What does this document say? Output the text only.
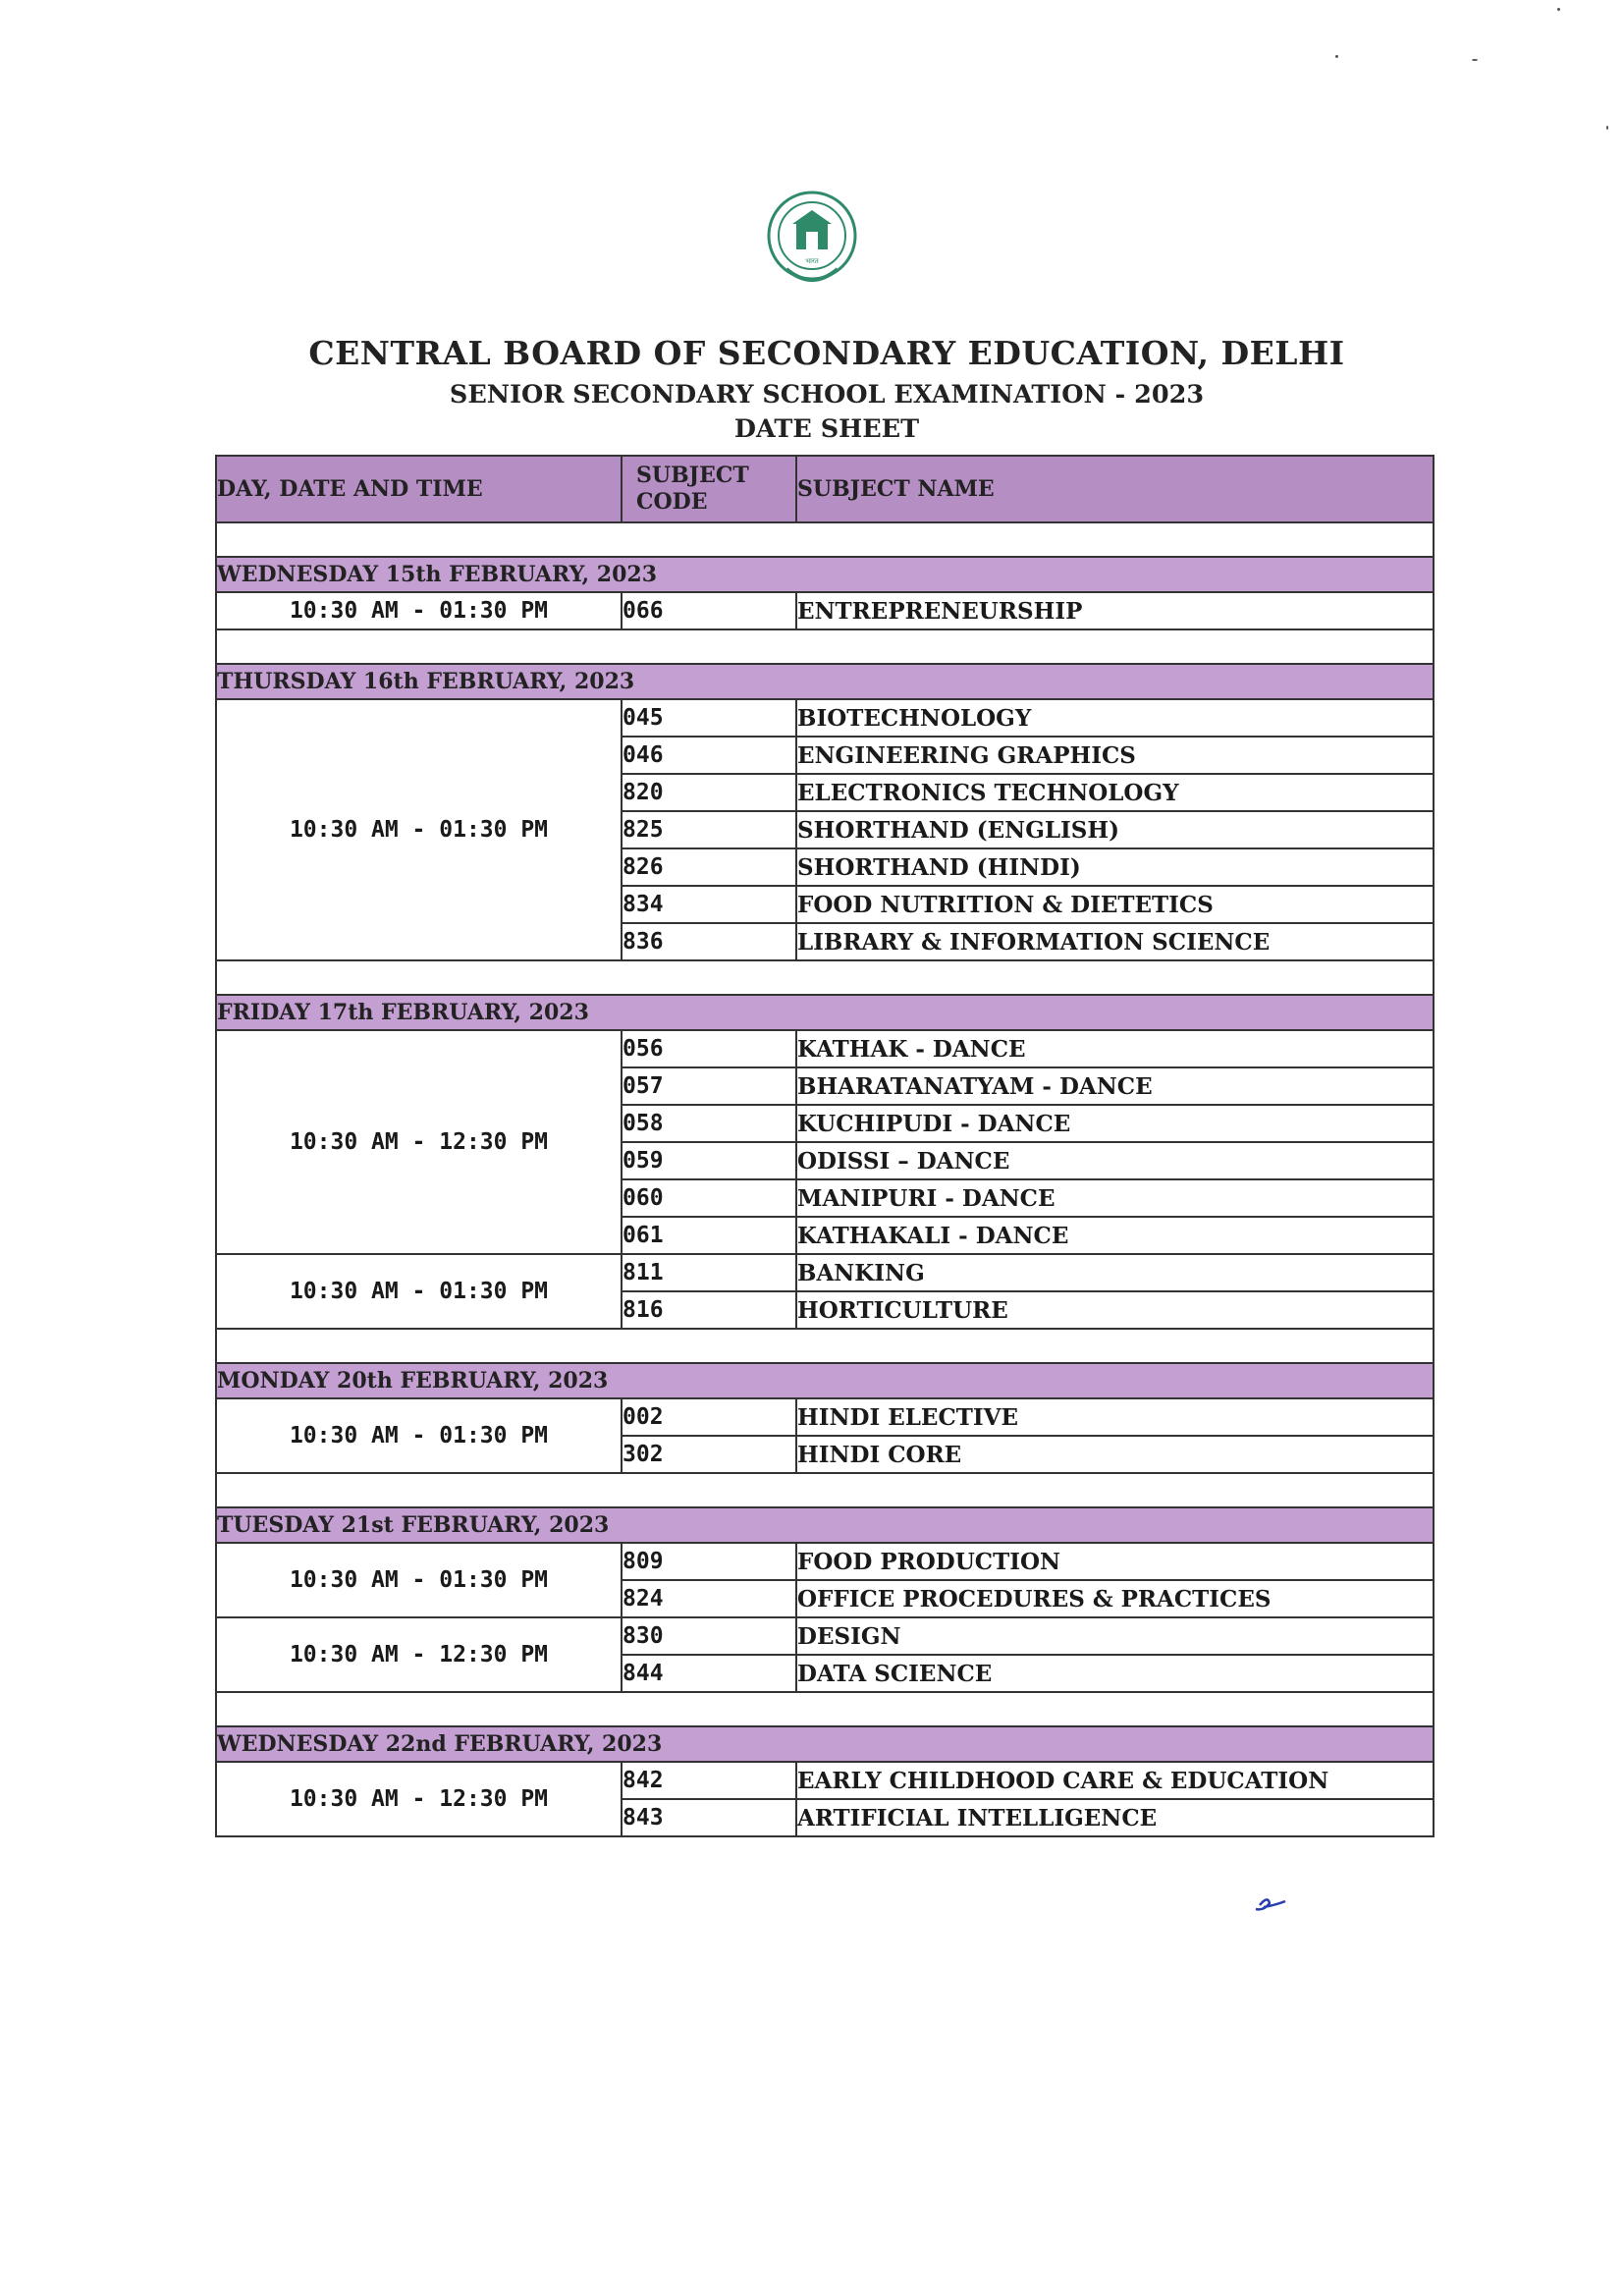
भारत
CENTRAL BOARD OF SECONDARY EDUCATION, DELHI
SENIOR SECONDARY SCHOOL EXAMINATION - 2023
DATE SHEET
DAY, DATE AND TIME	SUBJECT CODE	SUBJECT NAME

WEDNESDAY 15th FEBRUARY, 2023		
10:30 AM - 01:30 PM	066	ENTREPRENEURSHIP

THURSDAY 16th FEBRUARY, 2023		
10:30 AM - 01:30 PM	045	BIOTECHNOLOGY
	046	ENGINEERING GRAPHICS
	820	ELECTRONICS TECHNOLOGY
	825	SHORTHAND (ENGLISH)
	826	SHORTHAND (HINDI)
	834	FOOD NUTRITION & DIETETICS
	836	LIBRARY & INFORMATION SCIENCE

FRIDAY 17th FEBRUARY, 2023		
10:30 AM - 12:30 PM	056	KATHAK - DANCE
	057	BHARATANATYAM - DANCE
	058	KUCHIPUDI - DANCE
	059	ODISSI – DANCE
	060	MANIPURI - DANCE
	061	KATHAKALI - DANCE
10:30 AM - 01:30 PM	811	BANKING
	816	HORTICULTURE

MONDAY 20th FEBRUARY, 2023		
10:30 AM - 01:30 PM	002	HINDI ELECTIVE
	302	HINDI CORE

TUESDAY 21st FEBRUARY, 2023		
10:30 AM - 01:30 PM	809	FOOD PRODUCTION
	824	OFFICE PROCEDURES & PRACTICES
10:30 AM - 12:30 PM	830	DESIGN
	844	DATA SCIENCE

WEDNESDAY 22nd FEBRUARY, 2023		
10:30 AM - 12:30 PM	842	EARLY CHILDHOOD CARE & EDUCATION
	843	ARTIFICIAL INTELLIGENCE
